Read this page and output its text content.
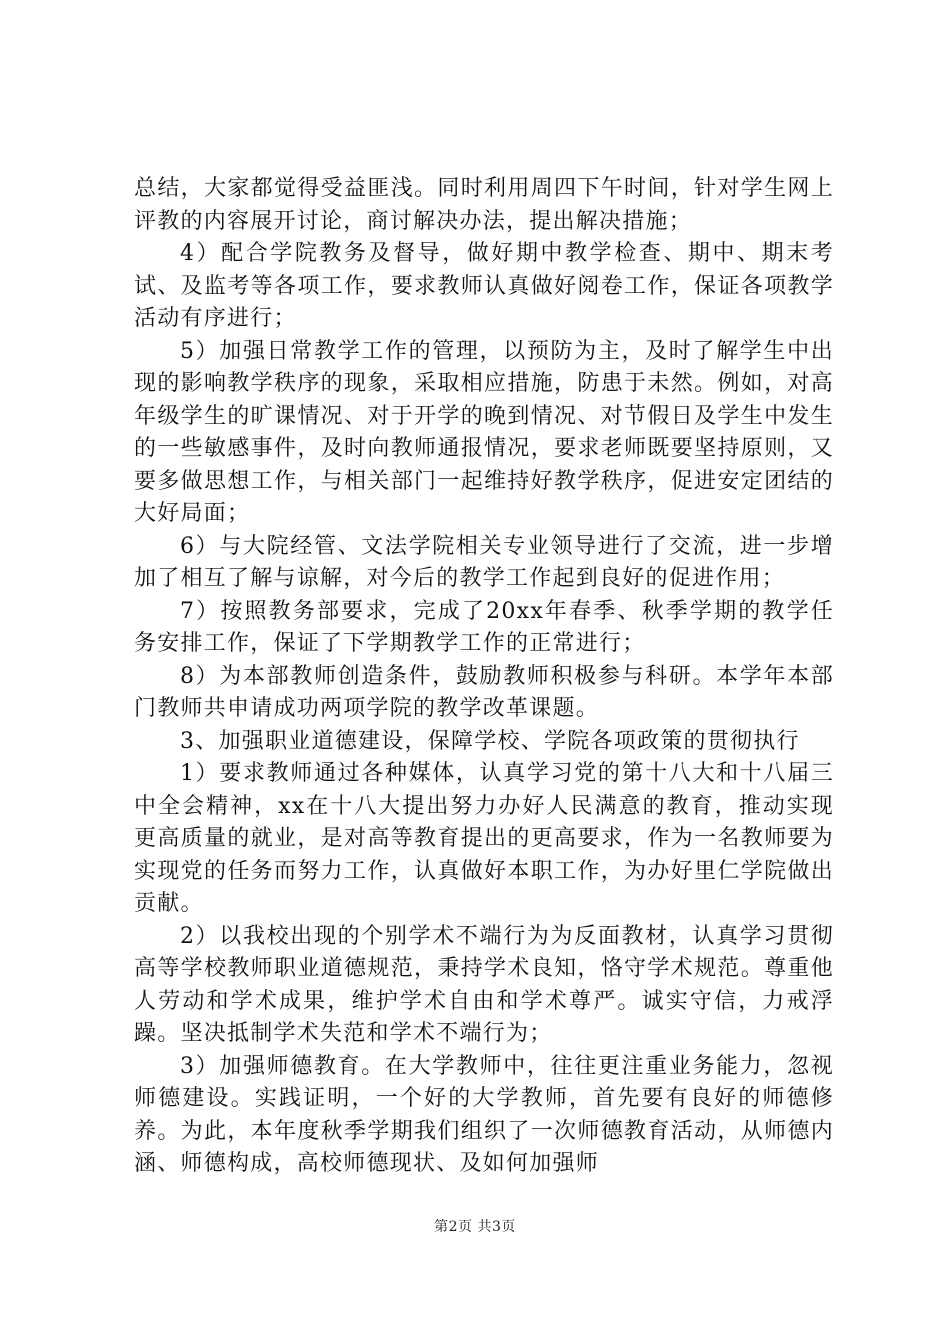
总结，大家都觉得受益匪浅。同时利用周四下午时间，针对学生网上评教的内容展开讨论，商讨解决办法，提出解决措施；

4）配合学院教务及督导，做好期中教学检查、期中、期末考试、及监考等各项工作，要求教师认真做好阅卷工作，保证各项教学活动有序进行；

5）加强日常教学工作的管理，以预防为主，及时了解学生中出现的影响教学秩序的现象，采取相应措施，防患于未然。例如，对高年级学生的旷课情况、对于开学的晚到情况、对节假日及学生中发生的一些敏感事件，及时向教师通报情况，要求老师既要坚持原则，又要多做思想工作，与相关部门一起维持好教学秩序，促进安定团结的大好局面；

6）与大院经管、文法学院相关专业领导进行了交流，进一步增加了相互了解与谅解，对今后的教学工作起到良好的促进作用；

7）按照教务部要求，完成了20xx年春季、秋季学期的教学任务安排工作，保证了下学期教学工作的正常进行；

8）为本部教师创造条件，鼓励教师积极参与科研。本学年本部门教师共申请成功两项学院的教学改革课题。

3、加强职业道德建设，保障学校、学院各项政策的贯彻执行

1）要求教师通过各种媒体，认真学习党的第十八大和十八届三中全会精神，xx在十八大提出努力办好人民满意的教育，推动实现更高质量的就业，是对高等教育提出的更高要求，作为一名教师要为实现党的任务而努力工作，认真做好本职工作，为办好里仁学院做出贡献。

2）以我校出现的个别学术不端行为为反面教材，认真学习贯彻高等学校教师职业道德规范，秉持学术良知，恪守学术规范。尊重他人劳动和学术成果，维护学术自由和学术尊严。诚实守信，力戒浮躁。坚决抵制学术失范和学术不端行为；

3）加强师德教育。在大学教师中，往往更注重业务能力，忽视师德建设。实践证明，一个好的大学教师，首先要有良好的师德修养。为此，本年度秋季学期我们组织了一次师德教育活动，从师德内涵、师德构成，高校师德现状、及如何加强师

第2页 共3页
